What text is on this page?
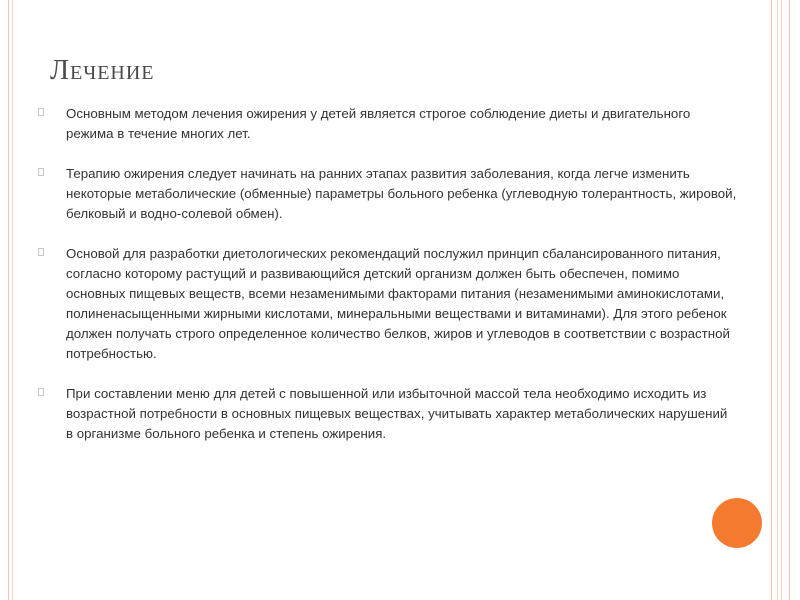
Лечение
Основным методом лечения ожирения у детей является строгое соблюдение диеты и двигательного режима в течение многих лет.
Терапию ожирения следует начинать на ранних этапах развития заболевания, когда легче изменить некоторые метаболические (обменные) параметры больного ребенка (углеводную толерантность, жировой, белковый и водно-солевой обмен).
Основой для разработки диетологических рекомендаций послужил принцип сбалансированного питания, согласно которому растущий и развивающийся детский организм должен быть обеспечен, помимо основных пищевых веществ, всеми незаменимыми факторами питания (незаменимыми аминокислотами, полиненасыщенными жирными кислотами, минеральными веществами и витаминами). Для этого ребенок должен получать строго определенное количество белков, жиров и углеводов в соответствии с возрастной потребностью.
При составлении меню для детей с повышенной или избыточной массой тела необходимо исходить из возрастной потребности в основных пищевых веществах, учитывать характер метаболических нарушений в организме больного ребенка и степень ожирения.
